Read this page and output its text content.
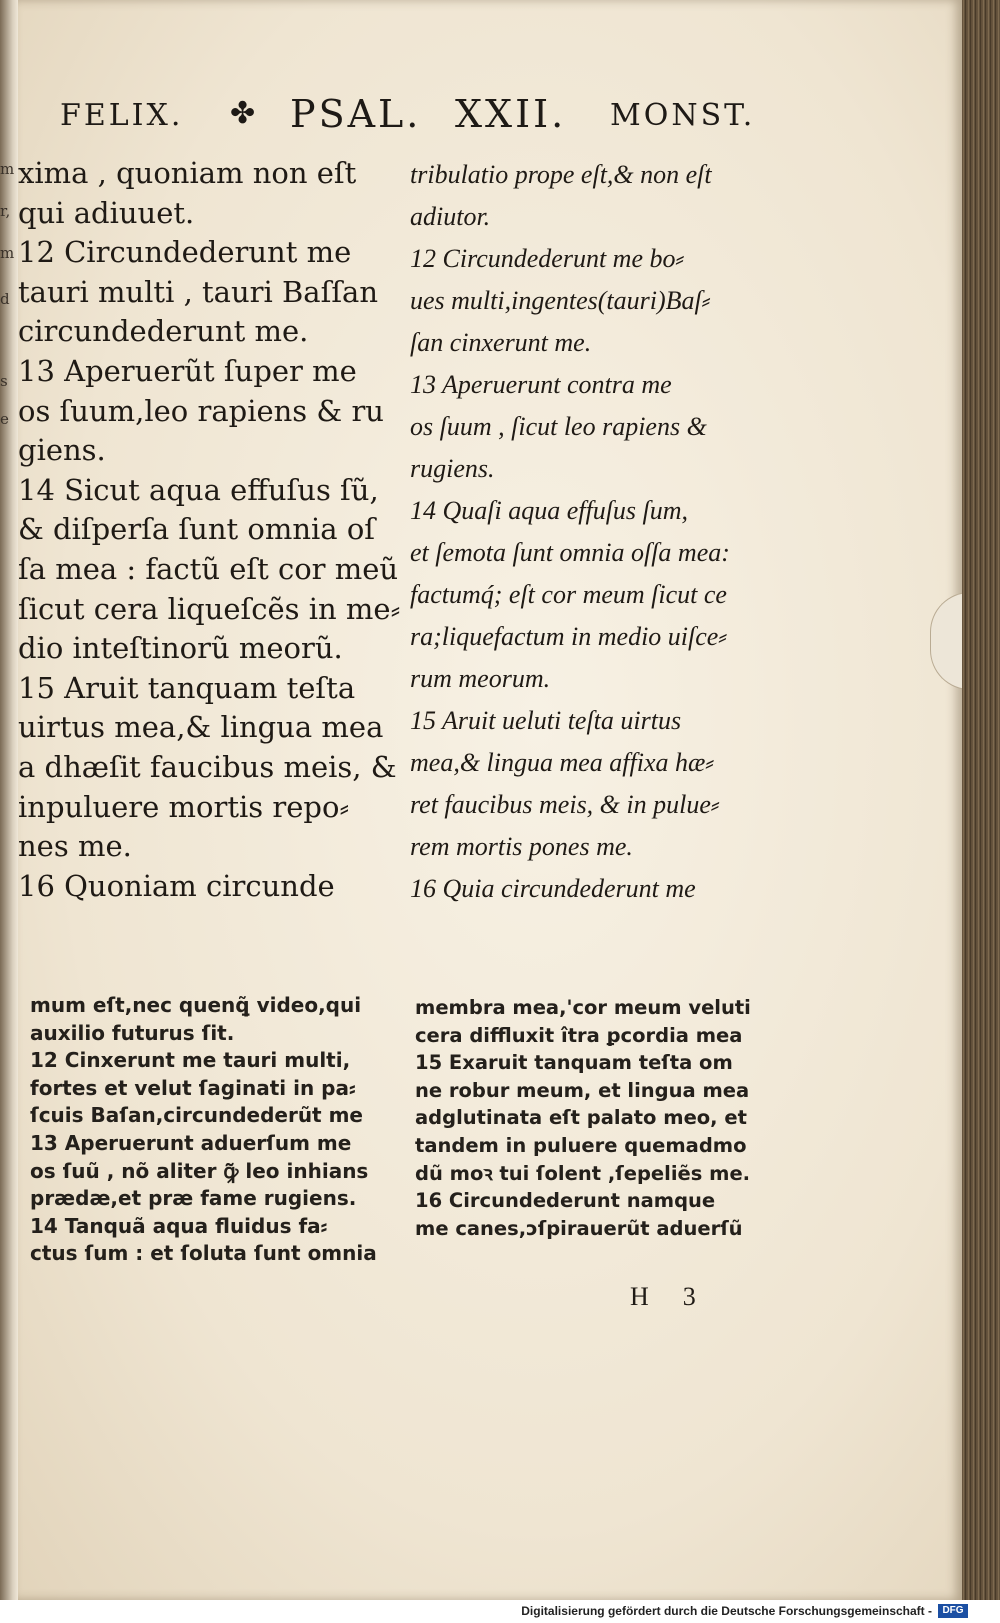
FELIX. ✤ PSAL. XXII. MONST.
m
r,
m
d
s
e
xima , quoniam non eſt
qui adiuuet.
12 Circundederunt me
tauri multi , tauri Baſſan
circundederunt me.
13 Aperuerũt ſuper me
os ſuum,leo rapiens & ru
giens.
14 Sicut aqua effuſus ſũ,
& diſperſa ſunt omnia oſ
ſa mea : factũ eſt cor meũ
ſicut cera liqueſcẽs in me⸗
dio inteſtinorũ meorũ.
15 Aruit tanquam teſta
uirtus mea,& lingua mea
a dhæſit faucibus meis, &
inpuluere mortis repo⸗
nes me.
16 Quoniam circunde
tribulatio prope eſt,& non eſt
adiutor.
12 Circundederunt me bo⸗
ues multi,ingentes(tauri)Baſ⸗
ſan cinxerunt me.
13 Aperuerunt contra me
os ſuum , ſicut leo rapiens &
rugiens.
14 Quaſi aqua effuſus ſum,
et ſemota ſunt omnia oſſa mea:
factumq́; eſt cor meum ſicut ce
ra;liquefactum in medio uiſce⸗
rum meorum.
15 Aruit ueluti teſta uirtus
mea,& lingua mea affixa hæ⸗
ret faucibus meis, & in pulue⸗
rem mortis pones me.
16 Quia circundederunt me
mum eſt,nec quenꝗ̃ video,qui
auxilio futurus ſit.
12 Cinxerunt me tauri multi,
fortes et velut ſaginati in pa⸗
ſcuis Baſan,circundederũt me
13 Aperuerunt aduerſum me
os ſuũ , nõ aliter ꝙ̃ leo inhians
prædæ,et præ fame rugiens.
14 Tanquã aqua fluidus fa⸗
ctus ſum : et ſoluta ſunt omnia
membra mea,'cor meum veluti
cera diffluxit îtra ꝑcordia mea
15 Exaruit tanquam teſta om
ne robur meum, et lingua mea
adglutinata eſt palato meo, et
tandem in puluere quemadmo
dũ moꝛ tui ſolent ,ſepeliẽs me.
16 Circundederunt namque
me canes,ↄſpirauerũt aduerſũ
H 3
Digitalisierung gefördert durch die Deutsche Forschungsgemeinschaft -	DFG
